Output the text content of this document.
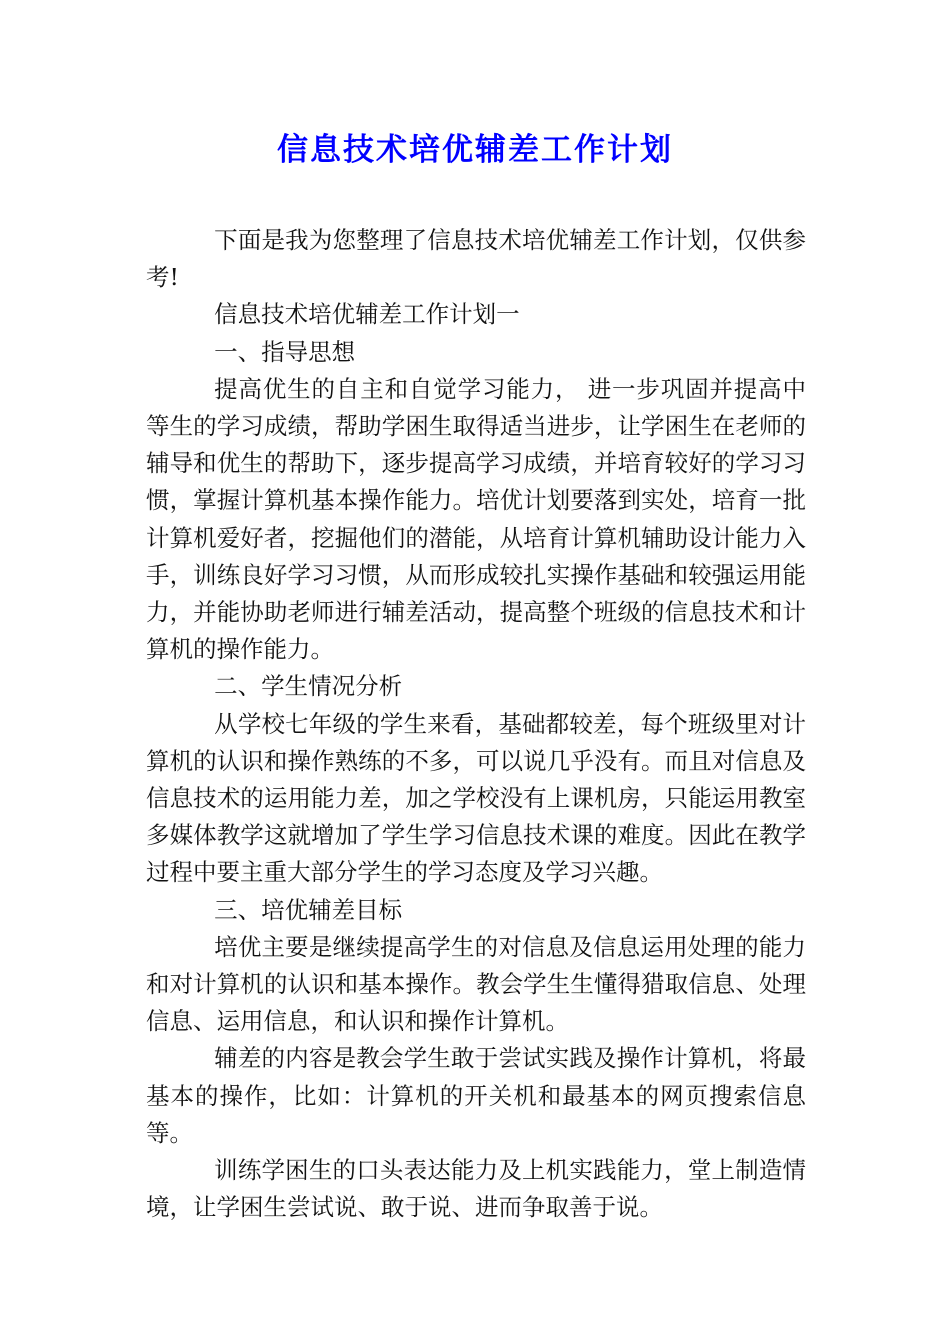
信息技术培优辅差工作计划

下面是我为您整理了信息技术培优辅差工作计划，仅供参考!

信息技术培优辅差工作计划一

一、指导思想

提高优生的自主和自觉学习能力， 进一步巩固并提高中等生的学习成绩，帮助学困生取得适当进步，让学困生在老师的辅导和优生的帮助下，逐步提高学习成绩，并培育较好的学习习惯，掌握计算机基本操作能力。培优计划要落到实处，培育一批计算机爱好者，挖掘他们的潜能，从培育计算机辅助设计能力入手，训练良好学习习惯，从而形成较扎实操作基础和较强运用能力，并能协助老师进行辅差活动，提高整个班级的信息技术和计算机的操作能力。

二、学生情况分析

从学校七年级的学生来看，基础都较差，每个班级里对计算机的认识和操作熟练的不多，可以说几乎没有。而且对信息及信息技术的运用能力差，加之学校没有上课机房，只能运用教室多媒体教学这就增加了学生学习信息技术课的难度。因此在教学过程中要主重大部分学生的学习态度及学习兴趣。

三、培优辅差目标

培优主要是继续提高学生的对信息及信息运用处理的能力和对计算机的认识和基本操作。教会学生生懂得猎取信息、处理信息、运用信息，和认识和操作计算机。

辅差的内容是教会学生敢于尝试实践及操作计算机，将最基本的操作，比如：计算机的开关机和最基本的网页搜索信息等。

训练学困生的口头表达能力及上机实践能力，堂上制造情境，让学困生尝试说、敢于说、进而争取善于说。
